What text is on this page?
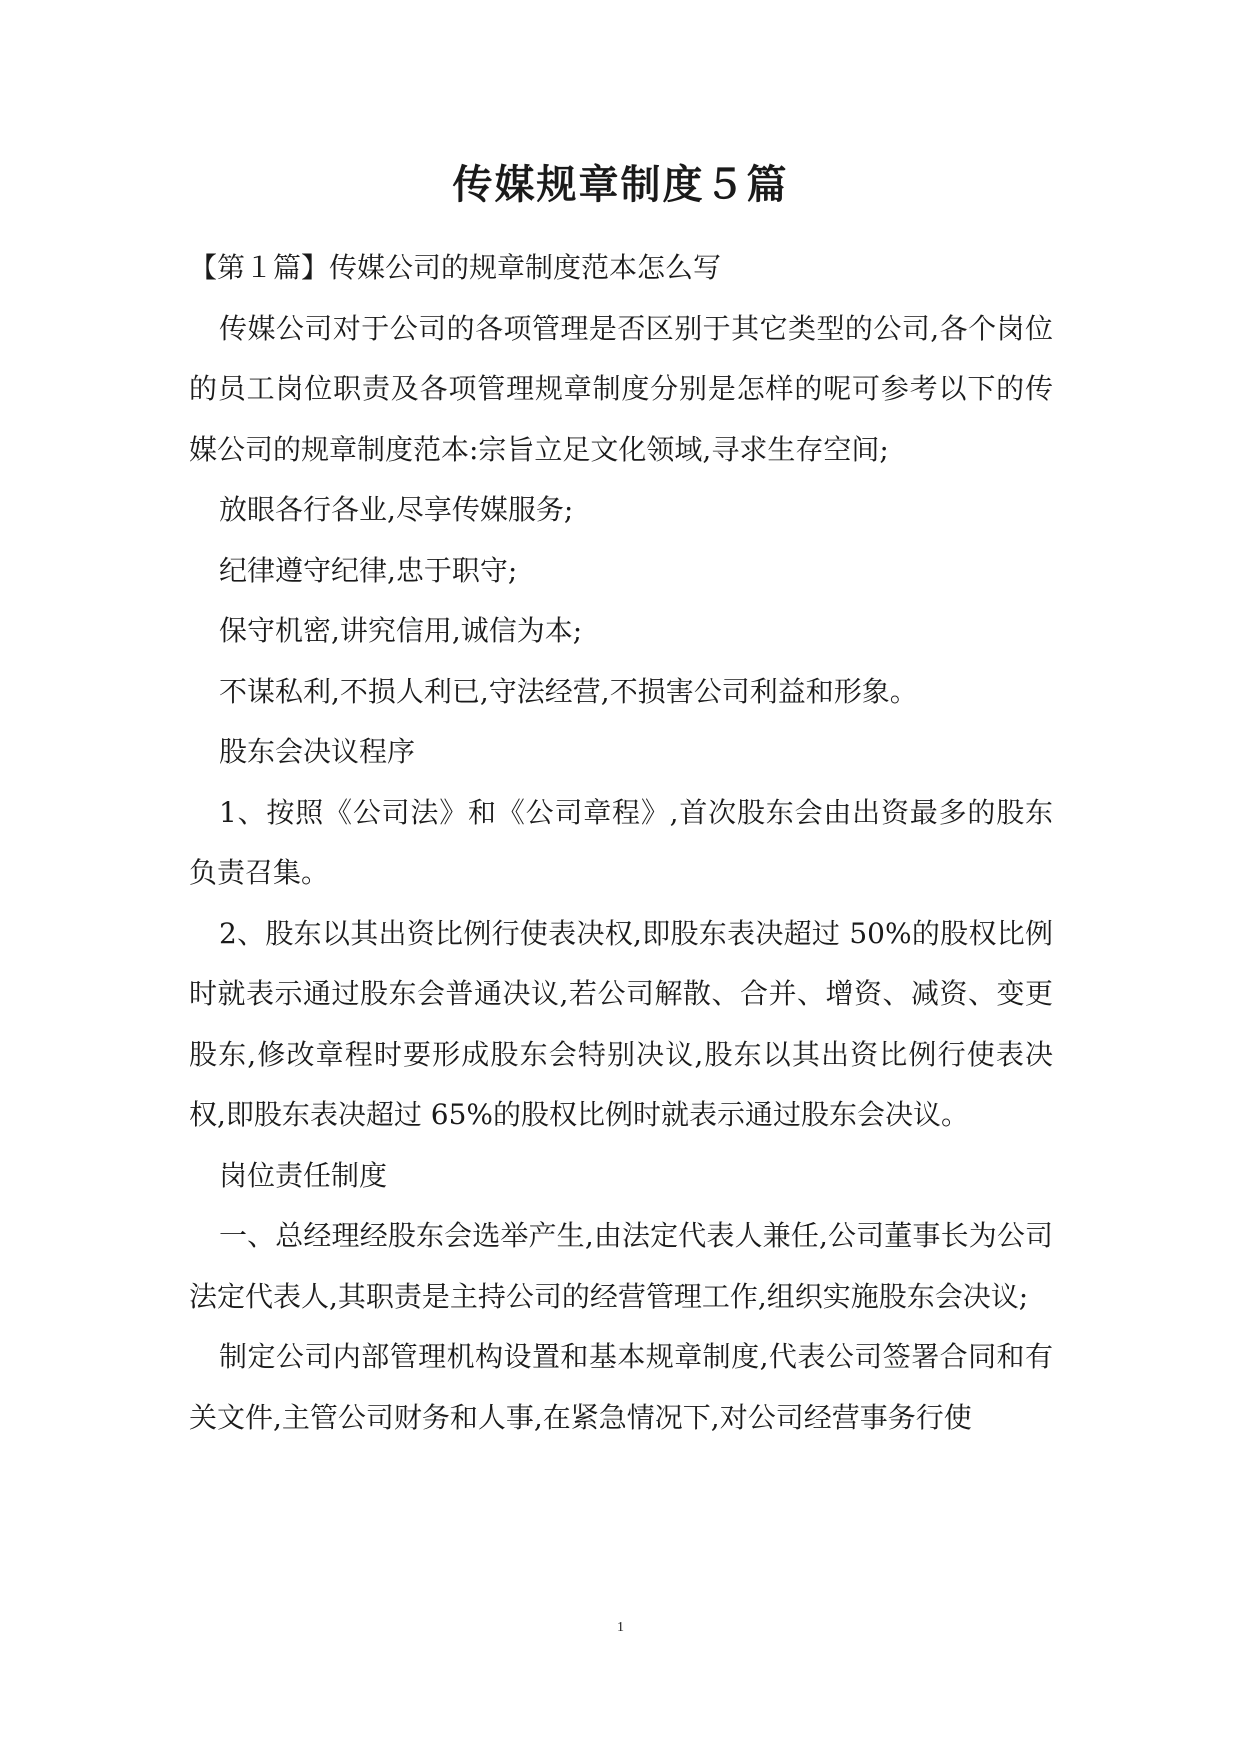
传媒规章制度５篇

【第１篇】传媒公司的规章制度范本怎么写

传媒公司对于公司的各项管理是否区别于其它类型的公司,各个岗位的员工岗位职责及各项管理规章制度分别是怎样的呢可参考以下的传媒公司的规章制度范本:宗旨立足文化领域,寻求生存空间;

放眼各行各业,尽享传媒服务;

纪律遵守纪律,忠于职守;

保守机密,讲究信用,诚信为本;

不谋私利,不损人利已,守法经营,不损害公司利益和形象。

股东会决议程序

1、按照《公司法》和《公司章程》,首次股东会由出资最多的股东负责召集。

2、股东以其出资比例行使表决权,即股东表决超过 50%的股权比例时就表示通过股东会普通决议,若公司解散、合并、增资、减资、变更股东,修改章程时要形成股东会特别决议,股东以其出资比例行使表决权,即股东表决超过 65%的股权比例时就表示通过股东会决议。

岗位责任制度

一、总经理经股东会选举产生,由法定代表人兼任,公司董事长为公司法定代表人,其职责是主持公司的经营管理工作,组织实施股东会决议;

制定公司内部管理机构设置和基本规章制度,代表公司签署合同和有关文件,主管公司财务和人事,在紧急情况下,对公司经营事务行使

1
